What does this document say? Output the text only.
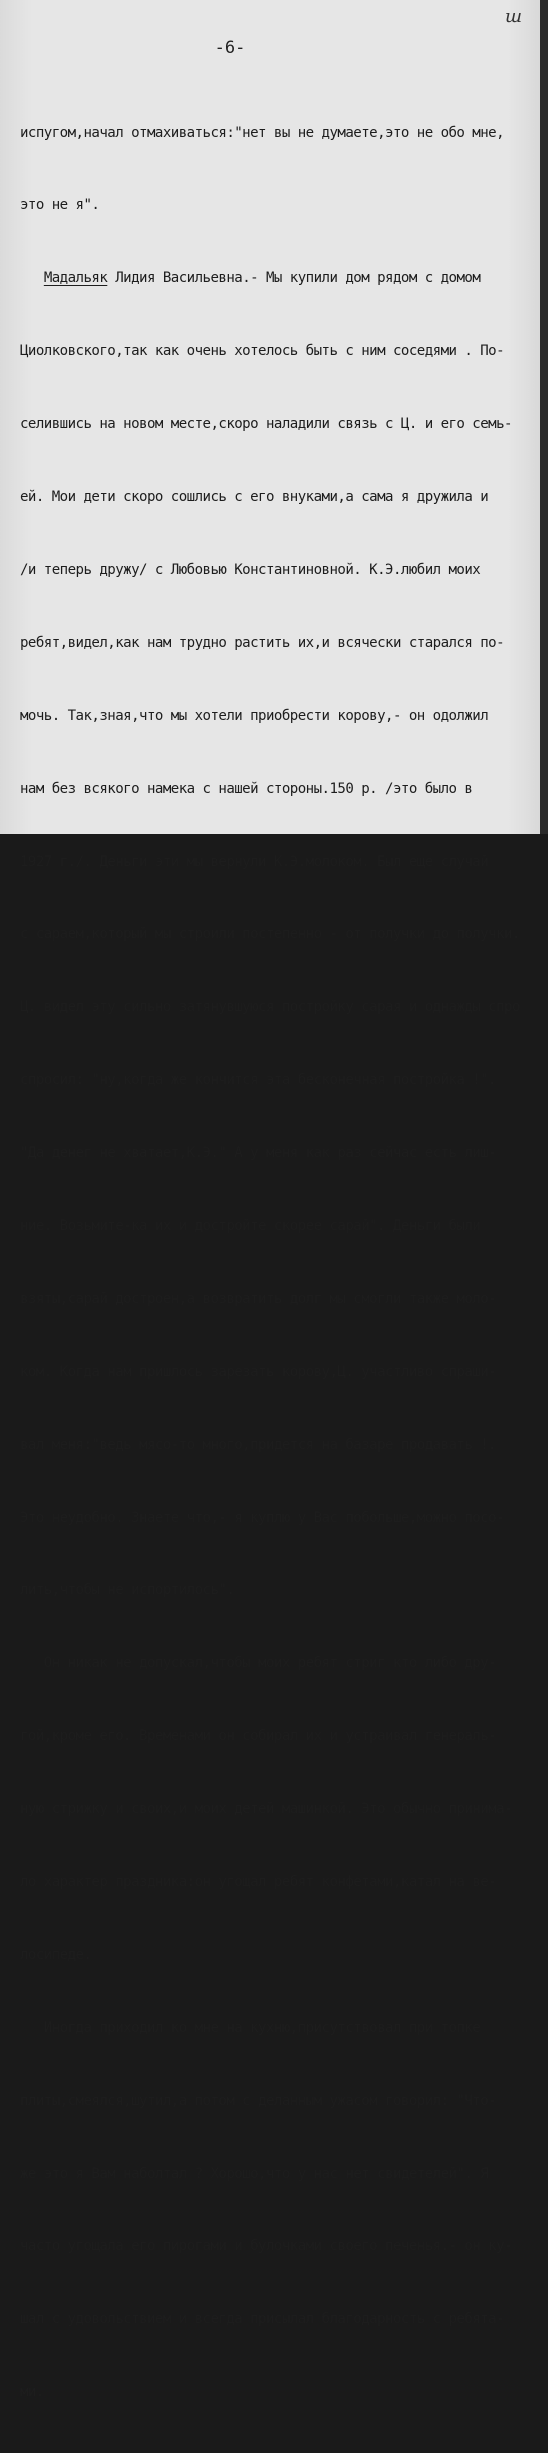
ш
-6-

испугом,начал отмахиваться:"нет вы не думаете,это не обо мне,

это не я".

Мадальяк Лидия Васильевна.- Мы купили дом рядом с домом

Циолковского,так как очень хотелось быть с ним соседями . По-

селившись на новом месте,скоро наладили связь с Ц. и его семь-

ей. Мои дети скоро сошлись с его внуками,а сама я дружила и

/и теперь дружу/ с Любовью Константиновной. К.Э.любил моих

ребят,видел,как нам трудно растить их,и всячески старался по-

мочь. Так,зная,что мы хотели приобрести корову,- он одолжил

нам без всякого намека с нашей стороны.150 р. /это было в

1927 г./. Деньги эти мы вернули К.Э.молоком. Был еще случай

с сараем,который мы строили постепенно - от получки до получки.

Ц. видел эту сильно затянувшуюся постройку сарая и однажды спро

спросил: "ну,когда же кончится эта бесконечная постройка !".

"Да денег не хватает,К.Э." А у меня как раз сейчас есть лиш-

ние. Возьмите-ка их и достройте скорее сарай". Деньги были

взяты,сарай достроен,а возвратить долг мы смогли также моло-

ком. Когда нам пришлось зарезать корову,Ц. участливо спраши-

вал меня:"ведь мясо-то много,придется на базаре продавать !.

Это неудобно. Знаете что,- я куплю у Вас побольше,можно посо-

лить,чтобы не испортилось".

Он никак не допускал,чтобы моих ребят стриг кто либо дру-

гой,кроме его. Временами он собирал их и устраивал генераль-

ную стрижку и своих,и моих детей машинкой. Это обычно принима-

ло характер праздника:он угощал ребят конфетами,катал на ве-

лосипеде.

Иногда приходил ко мне на кухню,присутствовал при топке

плиты,смеялся,шутил,а потом с деланным ужасом говорил: "Что-

же это я Вам наболтал ? Хорошо,что у нас нет свидетелей". Я

часто угощала его пирогами и булочками своего печенья.- он ку-

шал с удовольствием и всегда присылал благодарность с ребята-

ми.
